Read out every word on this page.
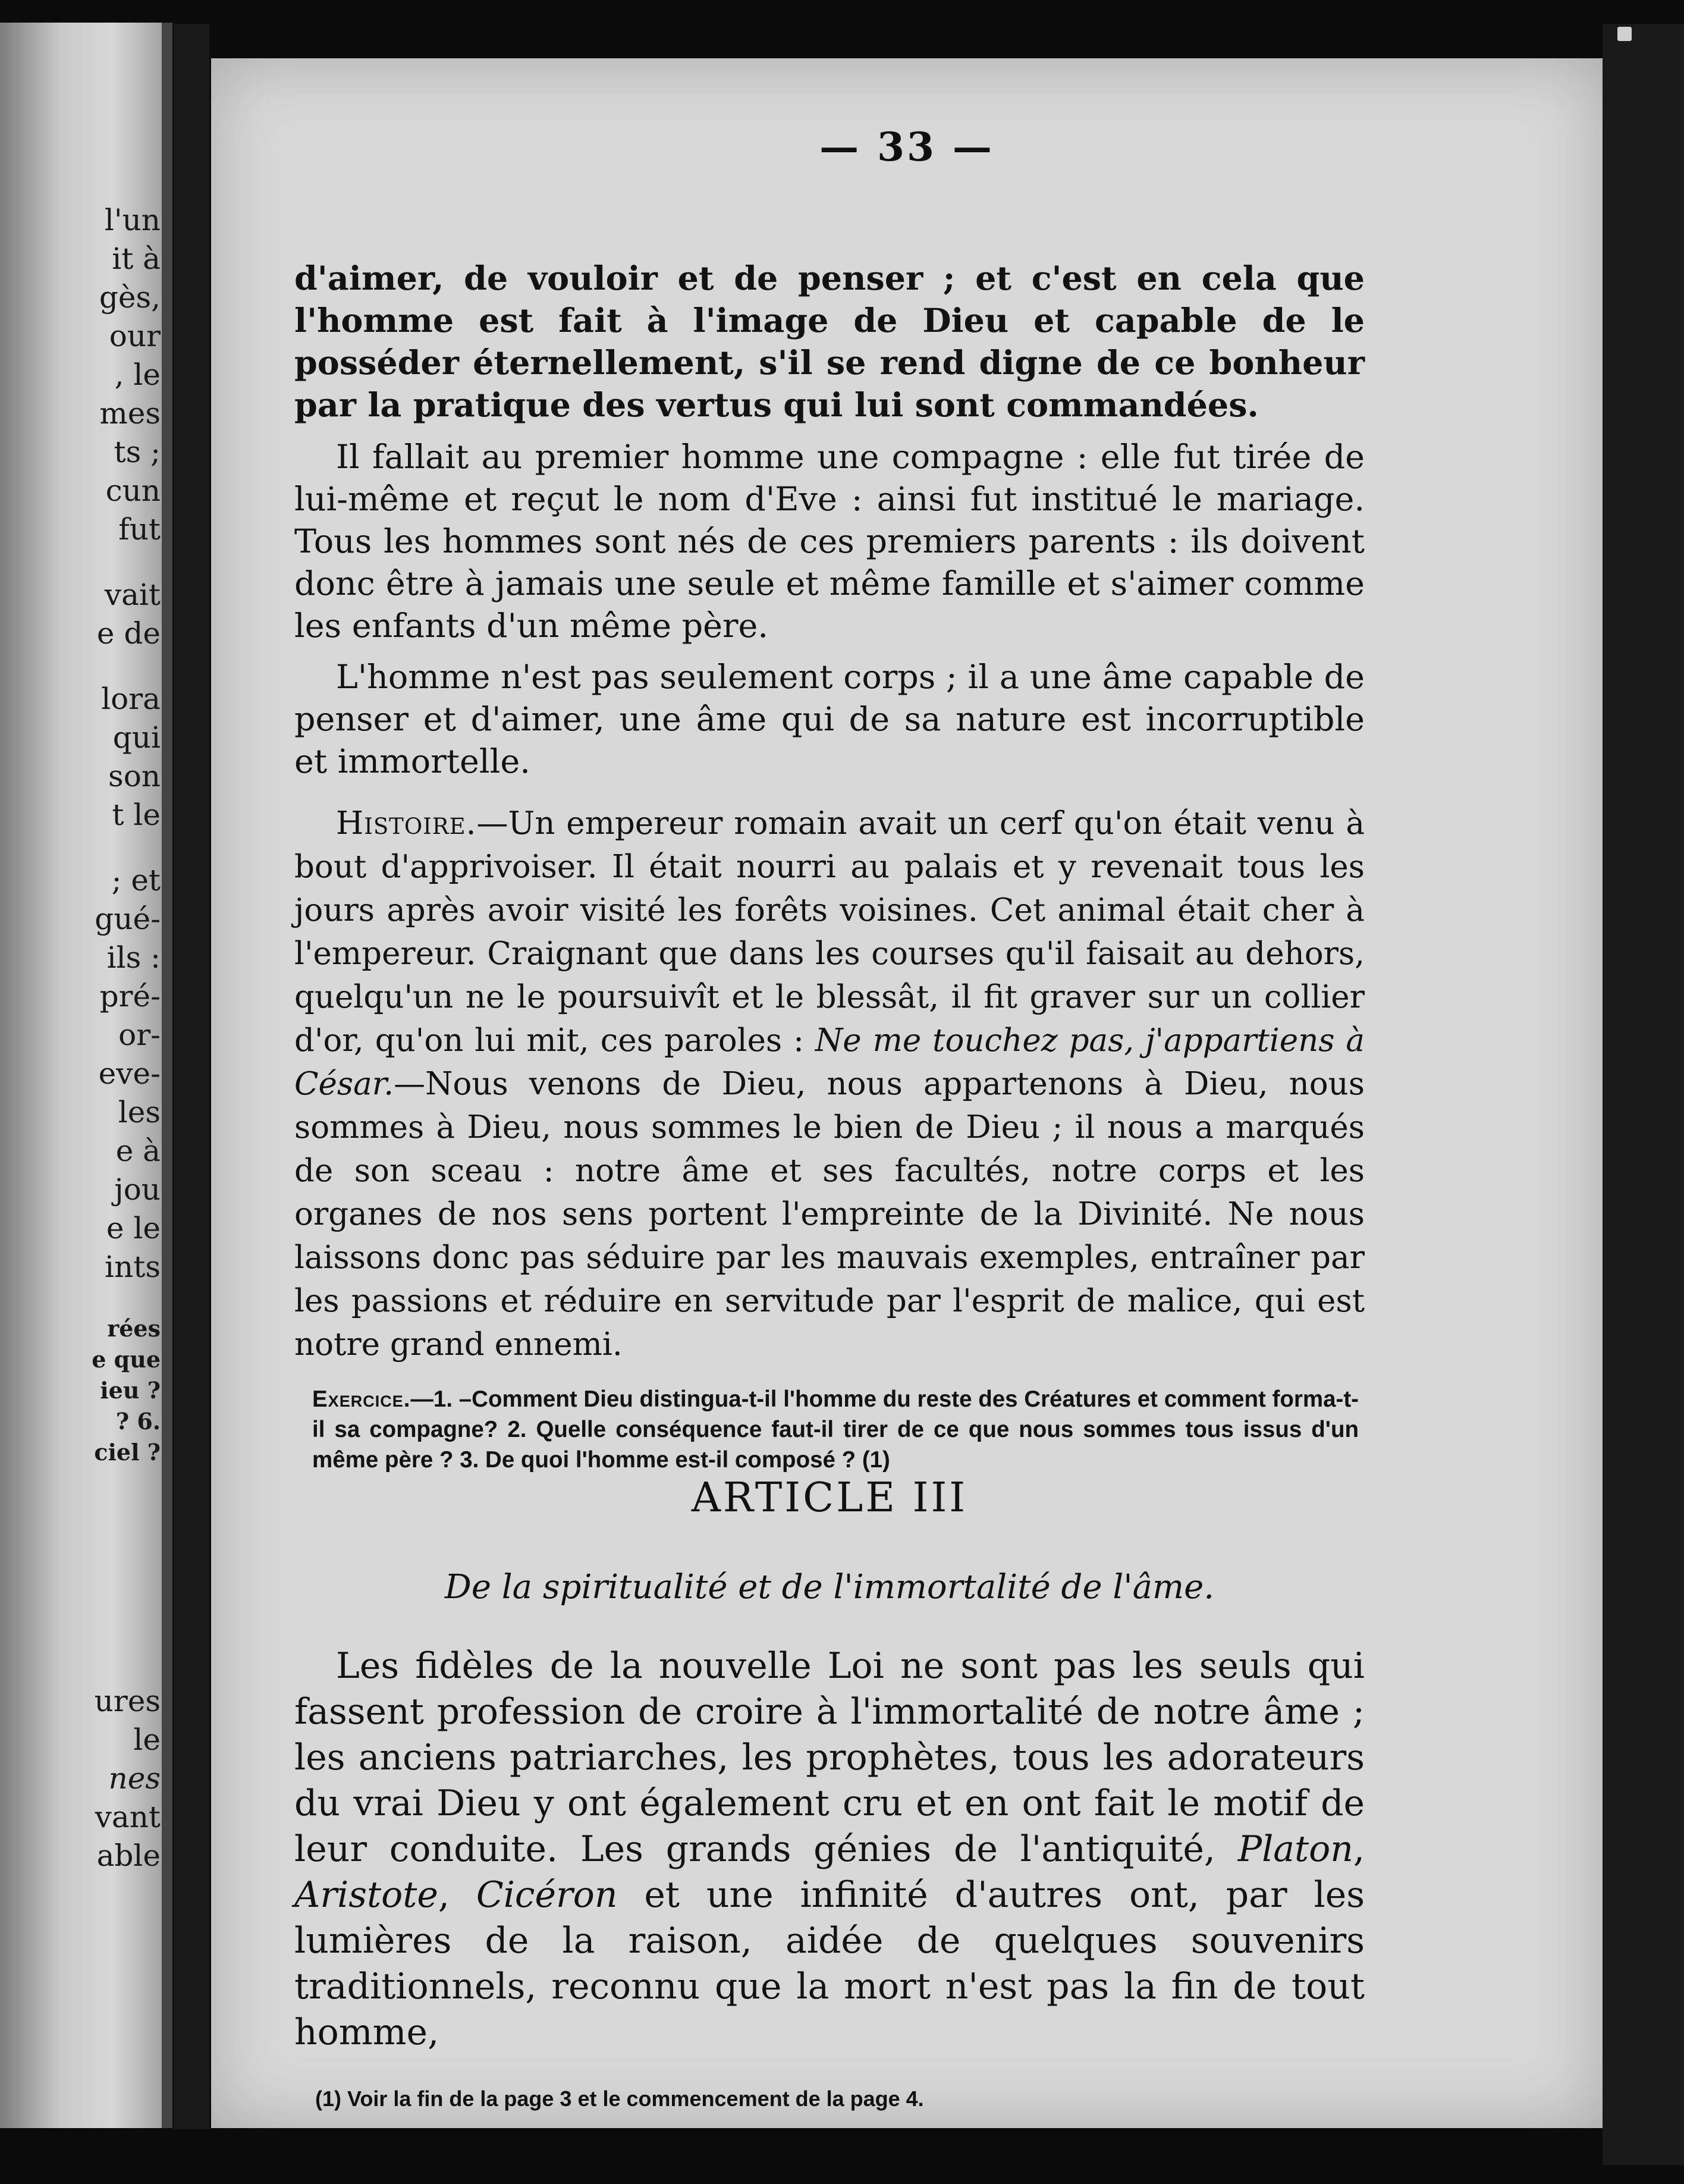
l'un
it à
gès,
our
, le
mes
ts ;
cun
fut
vait
e de
lora
qui
son
t le
; et
gué-
ils :
pré-
or-
eve-
les
e à
jou
e le
ints
rées
e que
ieu ?
? 6.
ciel ?
ures
le
nes
vant
able
— 33 —

d'aimer, de vouloir et de penser ; et c'est en cela que l'homme est fait à l'image de Dieu et capable de le posséder éternellement, s'il se rend digne de ce bonheur par la pratique des vertus qui lui sont commandées.

Il fallait au premier homme une compagne : elle fut tirée de lui-même et reçut le nom d'Eve : ainsi fut institué le mariage. Tous les hommes sont nés de ces premiers parents : ils doivent donc être à jamais une seule et même famille et s'aimer comme les enfants d'un même père.

L'homme n'est pas seulement corps ; il a une âme capable de penser et d'aimer, une âme qui de sa nature est incorruptible et immortelle.

Histoire.—Un empereur romain avait un cerf qu'on était venu à bout d'apprivoiser. Il était nourri au palais et y revenait tous les jours après avoir visité les forêts voisines. Cet animal était cher à l'empereur. Craignant que dans les courses qu'il faisait au dehors, quelqu'un ne le poursuivît et le blessât, il fit graver sur un collier d'or, qu'on lui mit, ces paroles : Ne me touchez pas, j'appartiens à César.—Nous venons de Dieu, nous appartenons à Dieu, nous sommes à Dieu, nous sommes le bien de Dieu ; il nous a marqués de son sceau : notre âme et ses facultés, notre corps et les organes de nos sens portent l'empreinte de la Divinité. Ne nous laissons donc pas séduire par les mauvais exemples, entraîner par les passions et réduire en servitude par l'esprit de malice, qui est notre grand ennemi.

Exercice.—1. –Comment Dieu distingua-t-il l'homme du reste des Créatures et comment forma-t-il sa compagne? 2. Quelle conséquence faut-il tirer de ce que nous sommes tous issus d'un même père ? 3. De quoi l'homme est-il composé ? (1)

ARTICLE III
De la spiritualité et de l'immortalité de l'âme.

Les fidèles de la nouvelle Loi ne sont pas les seuls qui fassent profession de croire à l'immortalité de notre âme ; les anciens patriarches, les prophètes, tous les adorateurs du vrai Dieu y ont également cru et en ont fait le motif de leur conduite. Les grands génies de l'antiquité, Platon, Aristote, Cicéron et une infinité d'autres ont, par les lumières de la raison, aidée de quelques souvenirs traditionnels, reconnu que la mort n'est pas la fin de tout homme,

(1) Voir la fin de la page 3 et le commencement de la page 4.
